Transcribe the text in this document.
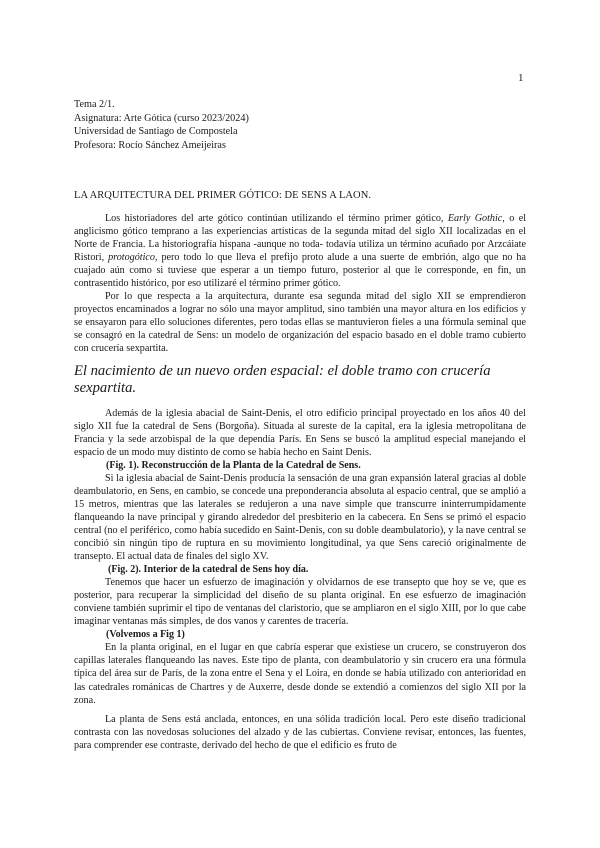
1
Tema 2/1.
Asignatura: Arte Gótica (curso 2023/2024)
Universidad de Santiago de Compostela
Profesora: Rocío Sánchez Ameijeiras
LA ARQUITECTURA DEL PRIMER GÓTICO: DE SENS A LAON.

Los historiadores del arte gótico continúan utilizando el término primer gótico, Early Gothic, o el anglicismo gótico temprano a las experiencias artísticas de la segunda mitad del siglo XII localizadas en el Norte de Francia. La historiografía hispana -aunque no toda- todavía utiliza un término acuñado por Arzcáiate Ristori, protogótico, pero todo lo que lleva el prefijo proto alude a una suerte de embrión, algo que no ha cuajado aún como si tuviese que esperar a un tiempo futuro, posterior al que le corresponde, en fin, un contrasentido histórico, por eso utilizaré el término primer gótico.

Por lo que respecta a la arquitectura, durante esa segunda mitad del siglo XII se emprendieron proyectos encaminados a lograr no sólo una mayor amplitud, sino también una mayor altura en los edificios y se ensayaron para ello soluciones diferentes, pero todas ellas se mantuvieron fieles a una fórmula seminal que se consagró en la catedral de Sens: un modelo de organización del espacio basado en el doble tramo cubierto con crucería sexpartita.

El nacimiento de un nuevo orden espacial: el doble tramo con crucería sexpartita.

Además de la iglesia abacial de Saint-Denis, el otro edificio principal proyectado en los años 40 del siglo XII fue la catedral de Sens (Borgoña). Situada al sureste de la capital, era la iglesia metropolitana de Francia y la sede arzobispal de la que dependía París. En Sens se buscó la amplitud especial manejando el espacio de un modo muy distinto de como se había hecho en Saint Denis.

(Fig. 1). Reconstrucción de la Planta de la Catedral de Sens.

Si la iglesia abacial de Saint-Denis producía la sensación de una gran expansión lateral gracias al doble deambulatorio, en Sens, en cambio, se concede una preponderancia absoluta al espacio central, que se amplió a 15 metros, mientras que las laterales se redujeron a una nave simple que transcurre ininterrumpidamente flanqueando la nave principal y girando alrededor del presbiterio en la cabecera. En Sens se primó el espacio central (no el periférico, como había sucedido en Saint-Denis, con su doble deambulatorio), y la nave central se concibió sin ningún tipo de ruptura en su movimiento longitudinal, ya que Sens careció originalmente de transepto. El actual data de finales del siglo XV.

(Fig. 2). Interior de la catedral de Sens hoy día.

Tenemos que hacer un esfuerzo de imaginación y olvidarnos de ese transepto que hoy se ve, que es posterior, para recuperar la simplicidad del diseño de su planta original. En ese esfuerzo de imaginación conviene también suprimir el tipo de ventanas del claristorio, que se ampliaron en el siglo XIII, por lo que cabe imaginar ventanas más simples, de dos vanos y carentes de tracería.

(Volvemos a Fig 1)

En la planta original, en el lugar en que cabría esperar que existiese un crucero, se construyeron dos capillas laterales flanqueando las naves. Este tipo de planta, con deambulatorio y sin crucero era una fórmula típica del área sur de París, de la zona entre el Sena y el Loira, en donde se había utilizado con anterioridad en las catedrales románicas de Chartres y de Auxerre, desde donde se extendió a comienzos del siglo XII por la zona.

La planta de Sens está anclada, entonces, en una sólida tradición local. Pero este diseño tradicional contrasta con las novedosas soluciones del alzado y de las cubiertas. Conviene revisar, entonces, las fuentes, para comprender ese contraste, derivado del hecho de que el edificio es fruto de
